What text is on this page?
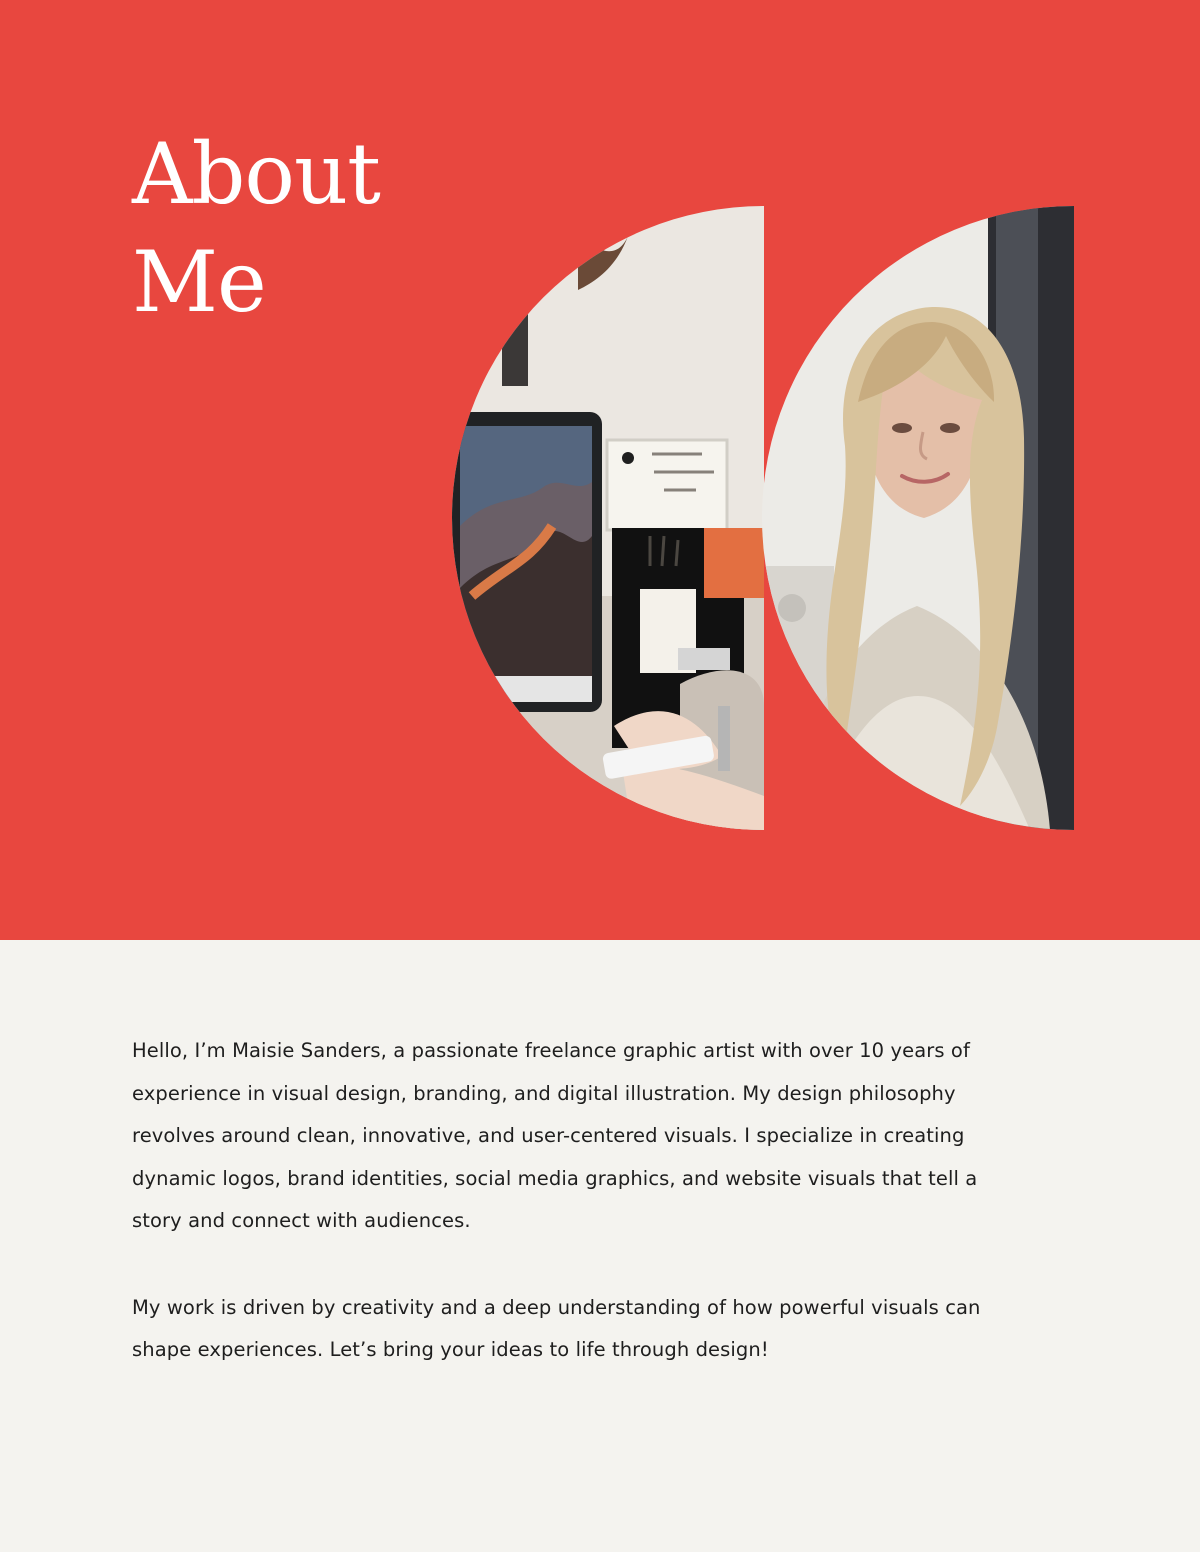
About
Me

Hello, I’m Maisie Sanders, a passionate freelance graphic artist with over 10 years of experience in visual design, branding, and digital illustration. My design philosophy revolves around clean, innovative, and user-centered visuals. I specialize in creating dynamic logos, brand identities, social media graphics, and website visuals that tell a story and connect with audiences.

My work is driven by creativity and a deep understanding of how powerful visuals can shape experiences. Let’s bring your ideas to life through design!
